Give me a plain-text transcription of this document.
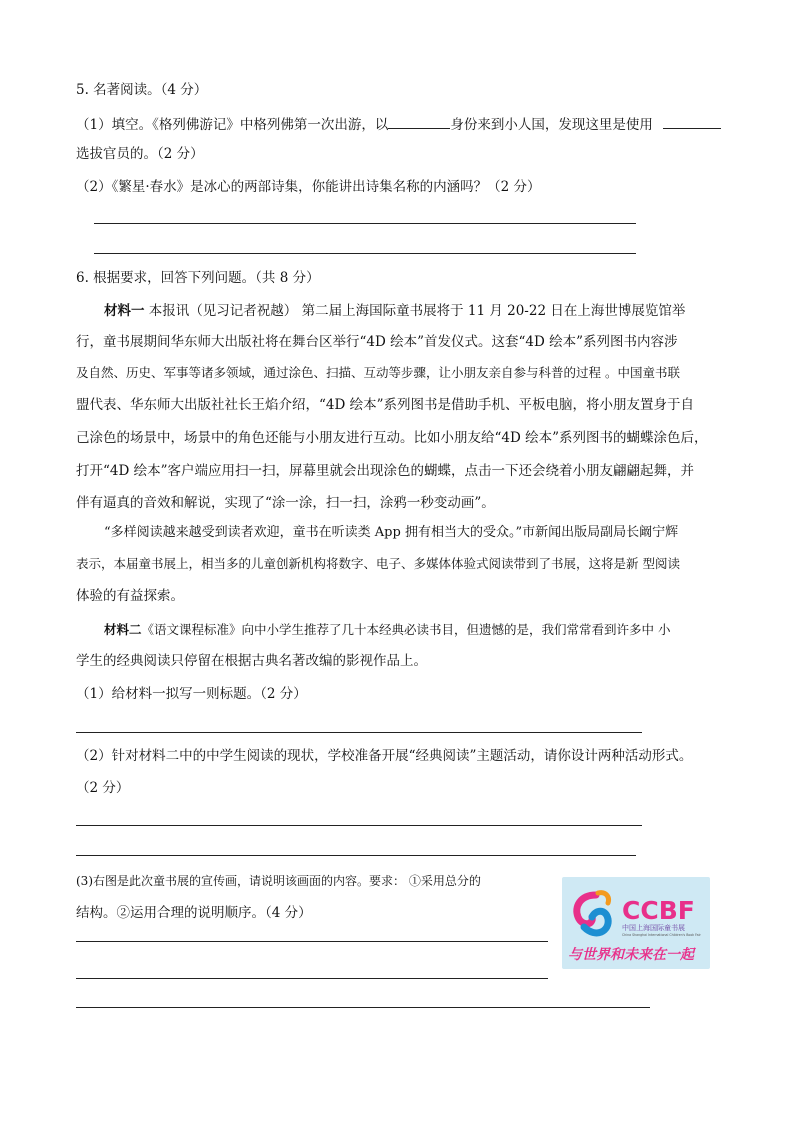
5. 名著阅读。（4 分）
（1）填空。《格列佛游记》中格列佛第一次出游，以	身份来到小人国，发现这里是使用
选拔官员的。（2 分）
（2）《繁星·春水》是冰心的两部诗集，你能讲出诗集名称的内涵吗？（2 分）
6. 根据要求，回答下列问题。（共 8 分）
材料一 本报讯（见习记者祝越） 第二届上海国际童书展将于 11 月 20-22 日在上海世博展览馆举
行，童书展期间华东师大出版社将在舞台区举行“4D 绘本”首发仪式。这套“4D 绘本”系列图书内容涉
及自然、历史、军事等诸多领域，通过涂色、扫描、互动等步骤，让小朋友亲自参与科普的过程 。中国童书联
盟代表、华东师大出版社社长王焰介绍，“4D 绘本”系列图书是借助手机、平板电脑，将小朋友置身于自
己涂色的场景中，场景中的角色还能与小朋友进行互动。比如小朋友给“4D 绘本”系列图书的蝴蝶涂色后，
打开“4D 绘本”客户端应用扫一扫，屏幕里就会出现涂色的蝴蝶，点击一下还会绕着小朋友翩翩起舞，并
伴有逼真的音效和解说，实现了“涂一涂，扫一扫，涂鸦一秒变动画”。
“多样阅读越来越受到读者欢迎，童书在听读类 App 拥有相当大的受众。”市新闻出版局副局长阚宁辉
表示，本届童书展上，相当多的儿童创新机构将数字、电子、多媒体体验式阅读带到了书展，这将是新 型阅读
体验的有益探索。
材料二《语文课程标准》向中小学生推荐了几十本经典必读书目，但遗憾的是，我们常常看到许多中 小
学生的经典阅读只停留在根据古典名著改编的影视作品上。
（1）给材料一拟写一则标题。（2 分）
（2）针对材料二中的中学生阅读的现状，学校准备开展“经典阅读”主题活动，请你设计两种活动形式。
（2 分）
(3)右图是此次童书展的宣传画，请说明该画面的内容。要求： ①采用总分的
结构。②运用合理的说明顺序。（4 分）	CCBF
中国上海国际童书展
China Shanghai International Children's Book Fair
与世界和未来在一起
